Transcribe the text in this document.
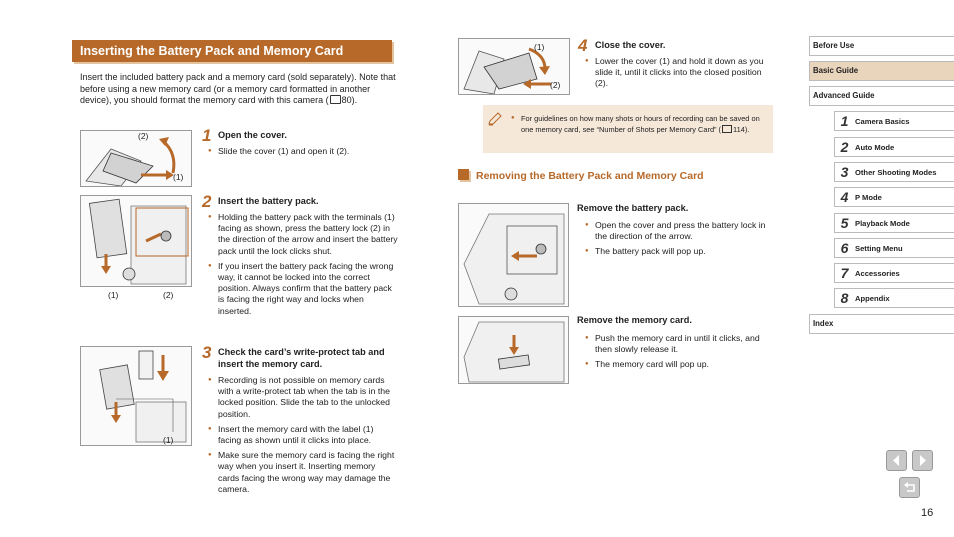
Inserting the Battery Pack and Memory Card
Insert the included battery pack and a memory card (sold separately). Note that before using a new memory card (or a memory card formatted in another device), you should format the memory card with this camera ( 80).
(2)
(1)
1 Open the cover.
● Slide the cover (1) and open it (2).
(1)	(2)
2 Insert the battery pack.
● Holding the battery pack with the terminals (1) facing as shown, press the battery lock (2) in the direction of the arrow and insert the battery pack until the lock clicks shut.
● If you insert the battery pack facing the wrong way, it cannot be locked into the correct position. Always confirm that the battery pack is facing the right way and locks when inserted.
(1)
3 Check the card’s write-protect tab and insert the memory card.
● Recording is not possible on memory cards with a write-protect tab when the tab is in the locked position. Slide the tab to the unlocked position.
● Insert the memory card with the label (1) facing as shown until it clicks into place.
● Make sure the memory card is facing the right way when you insert it. Inserting memory cards facing the wrong way may damage the camera.
(1)
(2)
4 Close the cover.
● Lower the cover (1) and hold it down as you slide it, until it clicks into the closed position (2).
● For guidelines on how many shots or hours of recording can be saved on one memory card, see “Number of Shots per Memory Card” ( 114).
Removing the Battery Pack and Memory Card
Remove the battery pack.
● Open the cover and press the battery lock in the direction of the arrow.
● The battery pack will pop up.
Remove the memory card.
● Push the memory card in until it clicks, and then slowly release it.
● The memory card will pop up.
Before Use
Basic Guide
Advanced Guide
1 Camera Basics
2 Auto Mode
3 Other Shooting Modes
4 P Mode
5 Playback Mode
6 Setting Menu
7 Accessories
8 Appendix
Index
16
